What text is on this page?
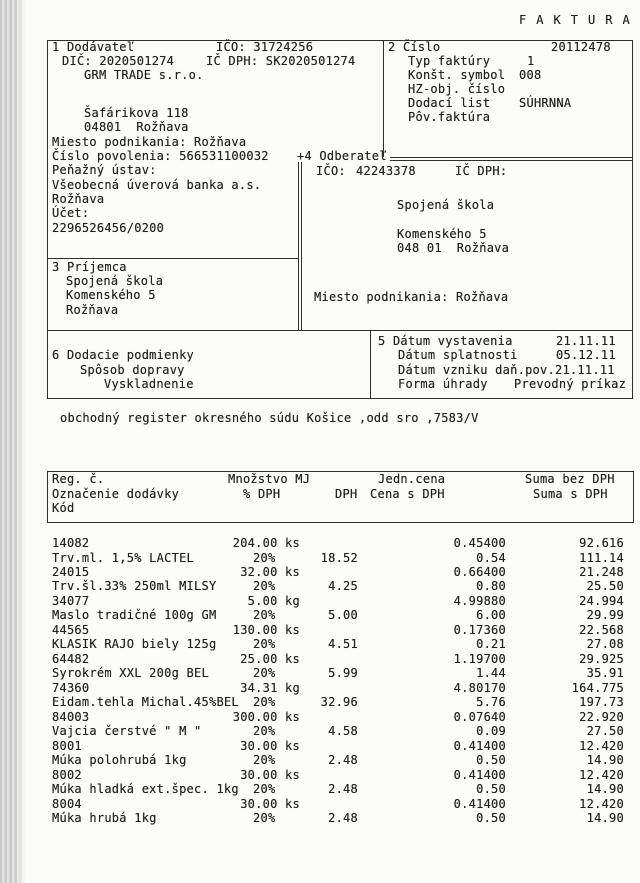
F A K T U R A
1 Dodávateľ	IČO: 31724256
DIČ: 2020501274	IČ DPH: SK2020501274
GRM TRADE s.r.o.
Šafárikova 118
04801  Rožňava
Miesto podnikania: Rožňava
Číslo povolenia: 566531100032
Peňažný ústav:
Všeobecná úverová banka a.s.
Rožňava
Účet:
2296526456/0200
2 Číslo	20112478
Typ faktúry	1
Konšt. symbol 008
HZ-obj. číslo
Dodací list SÚHRNNA
Pôv.faktúra
+4 Odberateľ
IČO: 42243378	IČ DPH:
Spojená škola
Komenského 5
048 01  Rožňava
Miesto podnikania: Rožňava
3 Príjemca
Spojená škola
Komenského 5
Rožňava
6 Dodacie podmienky
Spôsob dopravy
Vyskladnenie
5 Dátum vystavenia	21.11.11
Dátum splatnosti	05.12.11
Dátum vzniku daň.pov.21.11.11
Forma úhrady Prevodný príkaz
obchodný register okresného súdu Košice ,odd sro ,7583/V
Reg. č.	Množstvo MJ	Jedn.cena	Suma bez DPH
Označenie dodávky	% DPH	DPH Cena s DPH	Suma s DPH
Kód
14082	204.00 ks	0.45400	92.616
Trv.ml. 1,5% LACTEL	20%	18.52	0.54	111.14
24015	32.00 ks	0.66400	21.248
Trv.šl.33% 250ml MILSY	20%	4.25	0.80	25.50
34077	5.00 kg	4.99880	24.994
Maslo tradičné 100g GM	20%	5.00	6.00	29.99
44565	130.00 ks	0.17360	22.568
KLASIK RAJO biely 125g	20%	4.51	0.21	27.08
64482	25.00 ks	1.19700	29.925
Syrokrém XXL 200g BEL	20%	5.99	1.44	35.91
74360	34.31 kg	4.80170	164.775
Eidam.tehla Michal.45%BEL 20%	32.96	5.76	197.73
84003	300.00 ks	0.07640	22.920
Vajcia čerstvé " M "	20%	4.58	0.09	27.50
8001	30.00 ks	0.41400	12.420
Múka polohrubá 1kg	20%	2.48	0.50	14.90
8002	30.00 ks	0.41400	12.420
Múka hladká ext.špec. 1kg 20%	2.48	0.50	14.90
8004	30.00 ks	0.41400	12.420
Múka hrubá 1kg	20%	2.48	0.50	14.90
